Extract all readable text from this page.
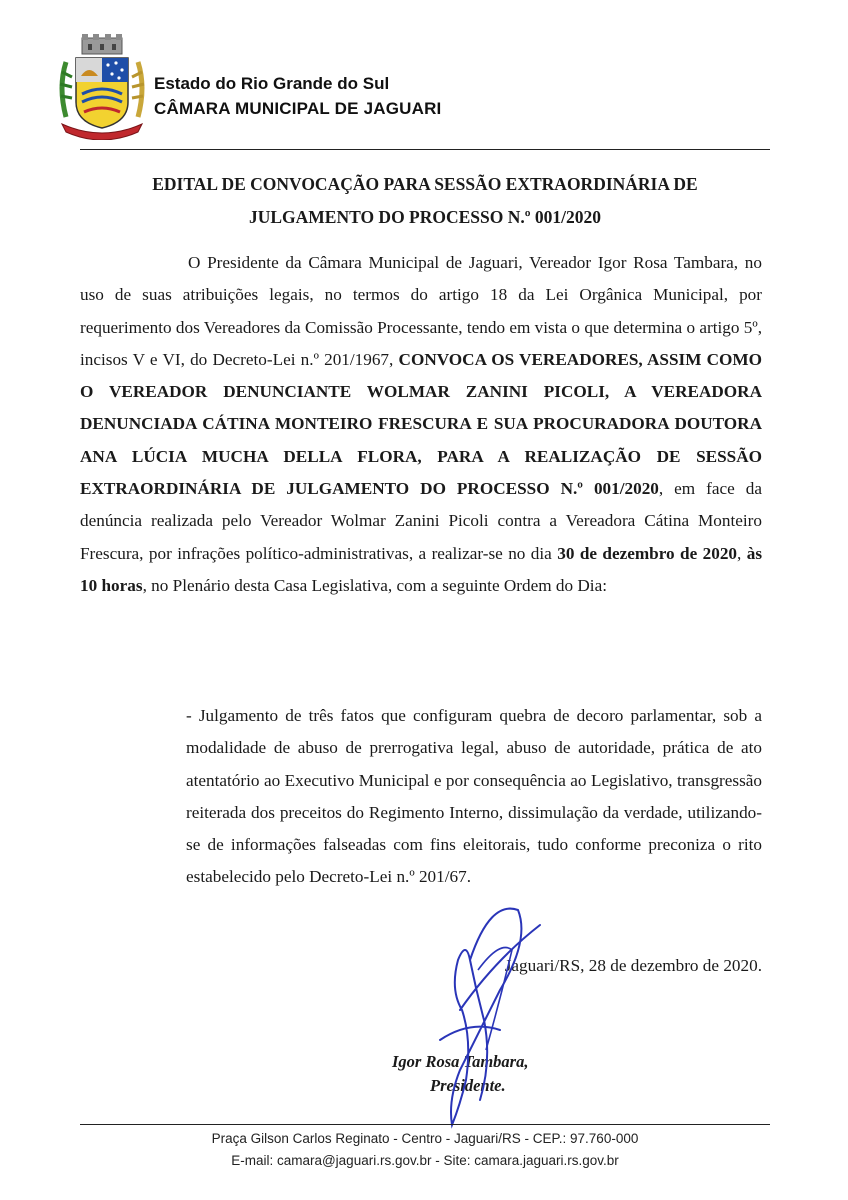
Estado do Rio Grande do Sul
CÂMARA MUNICIPAL DE JAGUARI
EDITAL DE CONVOCAÇÃO PARA SESSÃO EXTRAORDINÁRIA DE
JULGAMENTO DO PROCESSO N.º 001/2020

O Presidente da Câmara Municipal de Jaguari, Vereador Igor Rosa Tambara, no uso de suas atribuições legais, no termos do artigo 18 da Lei Orgânica Municipal, por requerimento dos Vereadores da Comissão Processante, tendo em vista o que determina o artigo 5º, incisos V e VI, do Decreto-Lei n.º 201/1967, CONVOCA OS VEREADORES, ASSIM COMO O VEREADOR DENUNCIANTE WOLMAR ZANINI PICOLI, A VEREADORA DENUNCIADA CÁTINA MONTEIRO FRESCURA E SUA PROCURADORA DOUTORA ANA LÚCIA MUCHA DELLA FLORA, PARA A REALIZAÇÃO DE SESSÃO EXTRAORDINÁRIA DE JULGAMENTO DO PROCESSO N.º 001/2020, em face da denúncia realizada pelo Vereador Wolmar Zanini Picoli contra a Vereadora Cátina Monteiro Frescura, por infrações político-administrativas, a realizar-se no dia 30 de dezembro de 2020, às 10 horas, no Plenário desta Casa Legislativa, com a seguinte Ordem do Dia:

- Julgamento de três fatos que configuram quebra de decoro parlamentar, sob a modalidade de abuso de prerrogativa legal, abuso de autoridade, prática de ato atentatório ao Executivo Municipal e por consequência ao Legislativo, transgressão reiterada dos preceitos do Regimento Interno, dissimulação da verdade, utilizando-se de informações falseadas com fins eleitorais, tudo conforme preconiza o rito estabelecido pelo Decreto-Lei n.º 201/67.
Jaguari/RS, 28 de dezembro de 2020.
Igor Rosa Tambara,
Presidente.
Praça Gilson Carlos Reginato - Centro - Jaguari/RS - CEP.: 97.760-000
E-mail: camara@jaguari.rs.gov.br - Site: camara.jaguari.rs.gov.br
